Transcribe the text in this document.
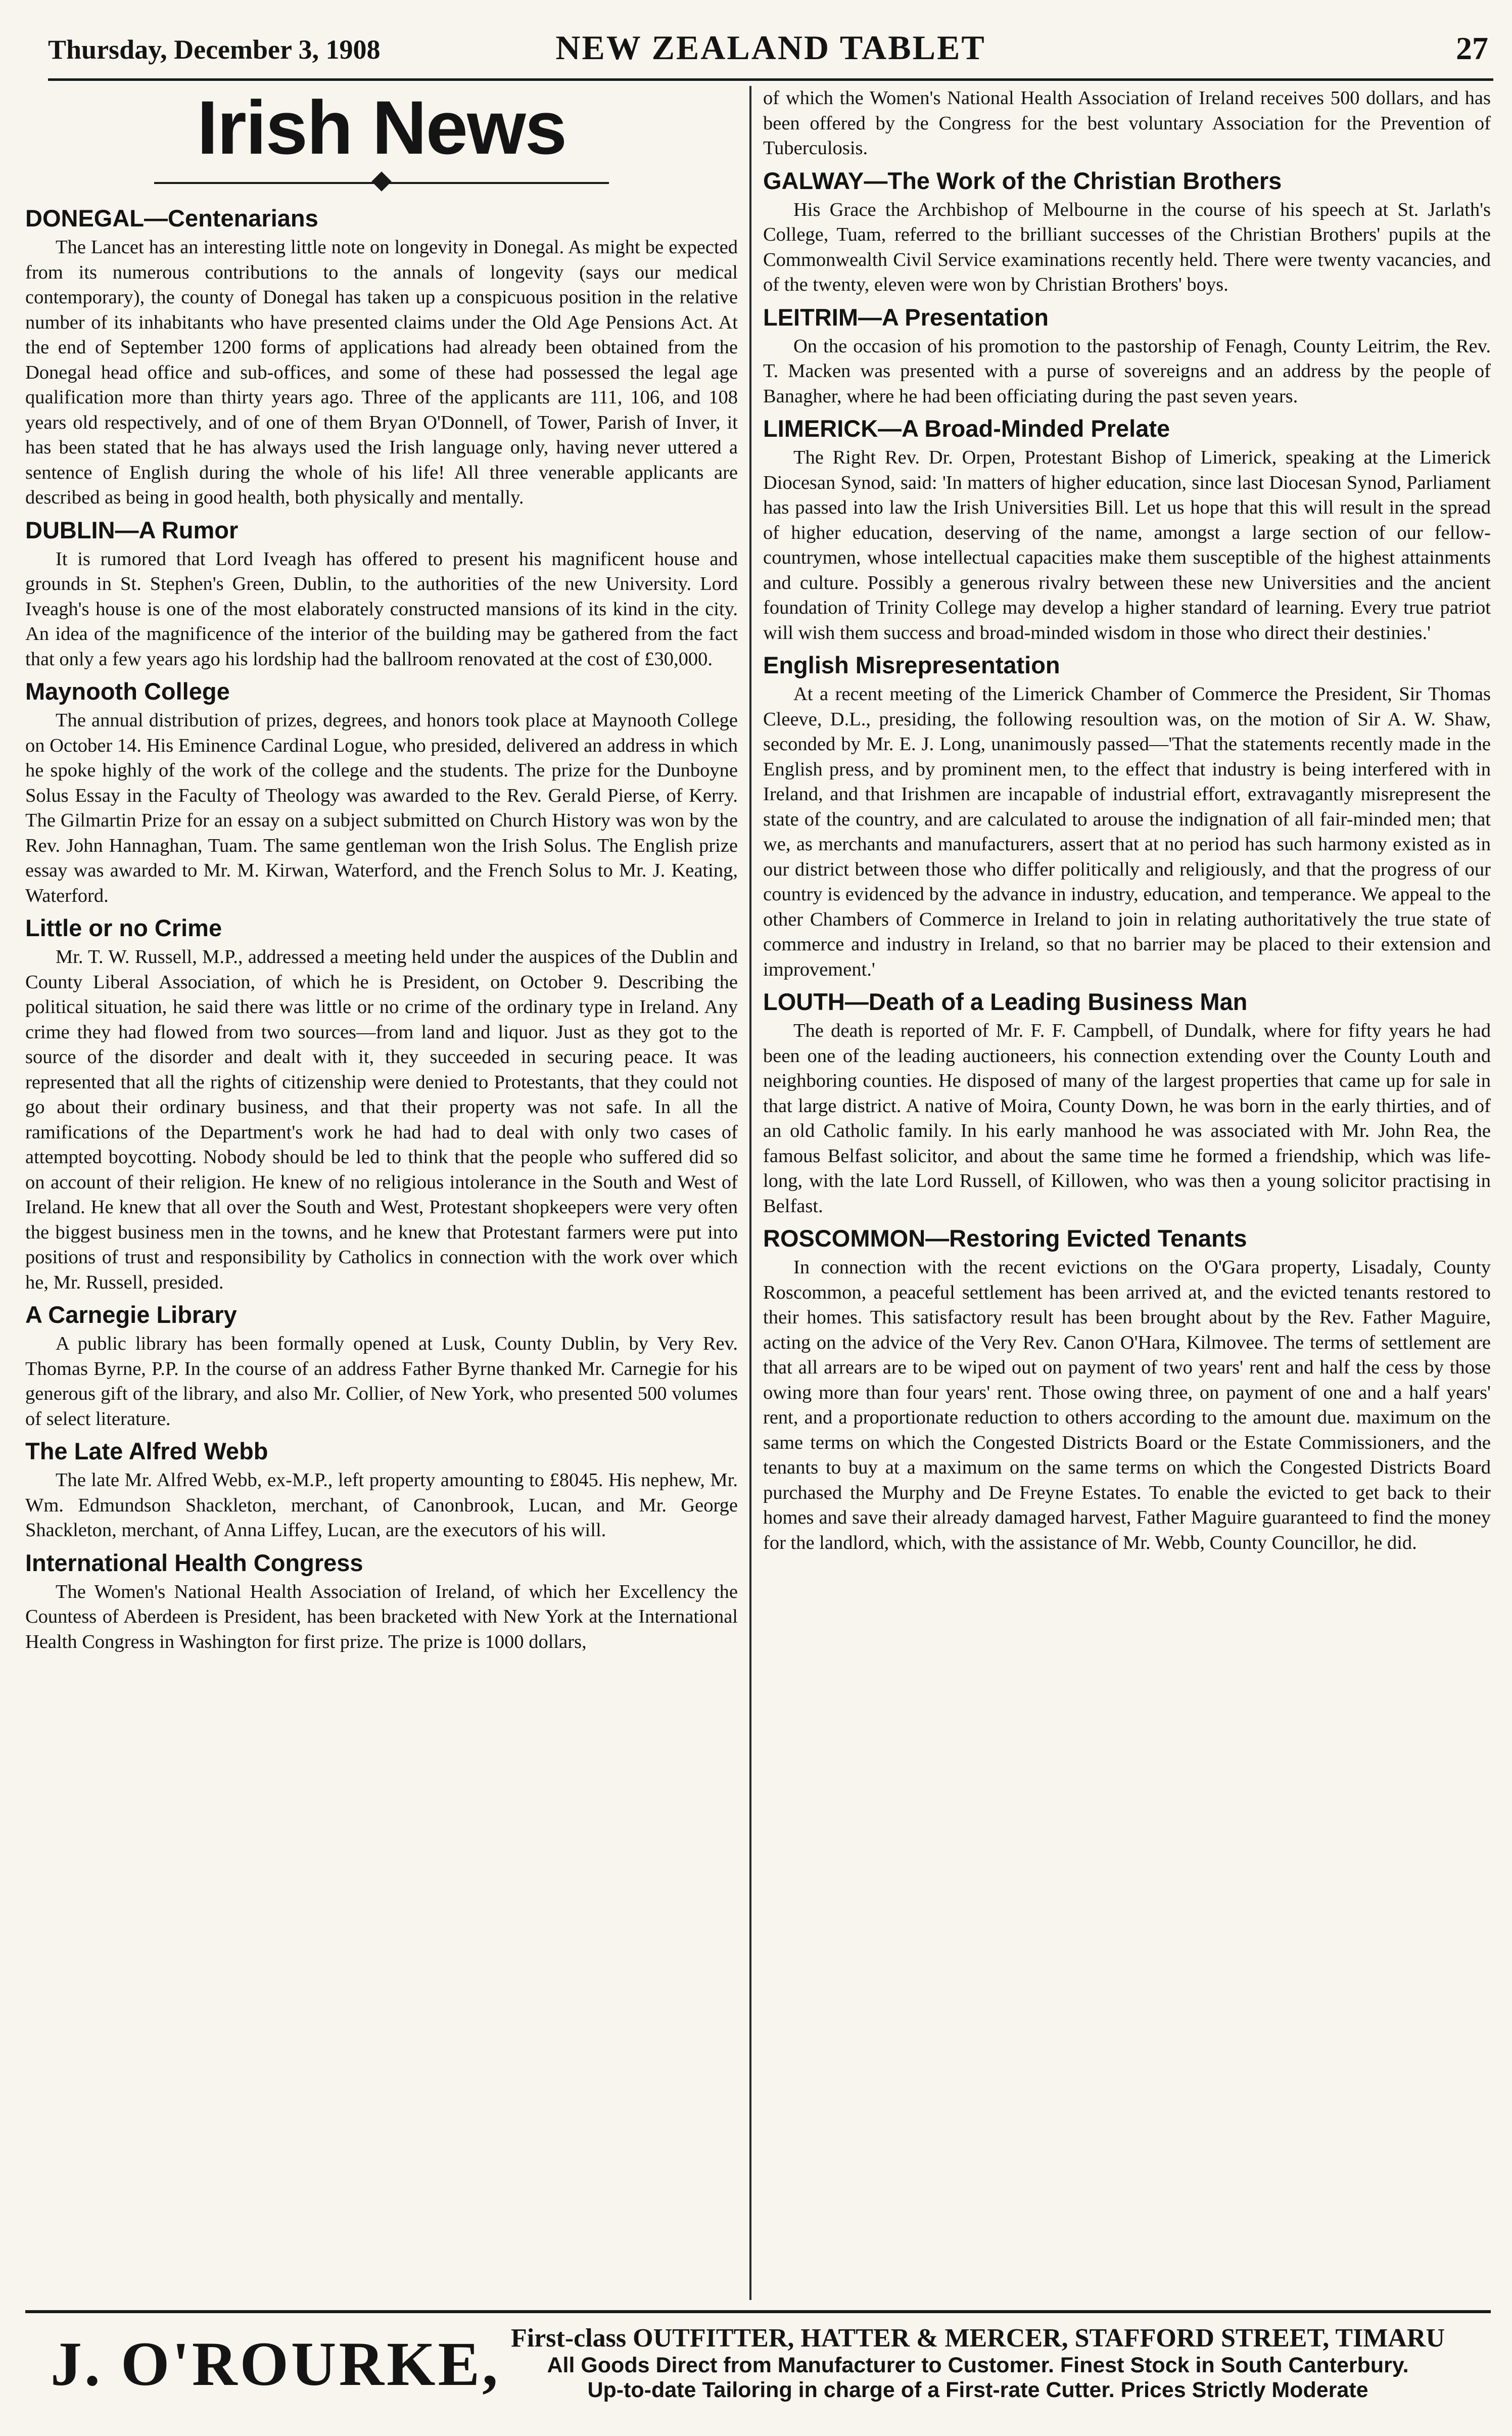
Thursday, December 3, 1908	NEW ZEALAND TABLET	27
Irish News
DONEGAL—Centenarians

The Lancet has an interesting little note on longevity in Donegal. As might be expected from its numerous contributions to the annals of longevity (says our medical contemporary), the county of Donegal has taken up a conspicuous position in the relative number of its inhabitants who have presented claims under the Old Age Pensions Act. At the end of September 1200 forms of applications had already been obtained from the Donegal head office and sub-offices, and some of these had possessed the legal age qualification more than thirty years ago. Three of the applicants are 111, 106, and 108 years old respectively, and of one of them Bryan O'Donnell, of Tower, Parish of Inver, it has been stated that he has always used the Irish language only, having never uttered a sentence of English during the whole of his life! All three venerable applicants are described as being in good health, both physically and mentally.

DUBLIN—A Rumor

It is rumored that Lord Iveagh has offered to present his magnificent house and grounds in St. Stephen's Green, Dublin, to the authorities of the new University. Lord Iveagh's house is one of the most elaborately constructed mansions of its kind in the city. An idea of the magnificence of the interior of the building may be gathered from the fact that only a few years ago his lordship had the ballroom renovated at the cost of £30,000.

Maynooth College

The annual distribution of prizes, degrees, and honors took place at Maynooth College on October 14. His Eminence Cardinal Logue, who presided, delivered an address in which he spoke highly of the work of the college and the students. The prize for the Dunboyne Solus Essay in the Faculty of Theology was awarded to the Rev. Gerald Pierse, of Kerry. The Gilmartin Prize for an essay on a subject submitted on Church History was won by the Rev. John Hannaghan, Tuam. The same gentleman won the Irish Solus. The English prize essay was awarded to Mr. M. Kirwan, Waterford, and the French Solus to Mr. J. Keating, Waterford.

Little or no Crime

Mr. T. W. Russell, M.P., addressed a meeting held under the auspices of the Dublin and County Liberal Association, of which he is President, on October 9. Describing the political situation, he said there was little or no crime of the ordinary type in Ireland. Any crime they had flowed from two sources—from land and liquor. Just as they got to the source of the disorder and dealt with it, they succeeded in securing peace. It was represented that all the rights of citizenship were denied to Protestants, that they could not go about their ordinary business, and that their property was not safe. In all the ramifications of the Department's work he had had to deal with only two cases of attempted boycotting. Nobody should be led to think that the people who suffered did so on account of their religion. He knew of no religious intolerance in the South and West of Ireland. He knew that all over the South and West, Protestant shopkeepers were very often the biggest business men in the towns, and he knew that Protestant farmers were put into positions of trust and responsibility by Catholics in connection with the work over which he, Mr. Russell, presided.

A Carnegie Library

A public library has been formally opened at Lusk, County Dublin, by Very Rev. Thomas Byrne, P.P. In the course of an address Father Byrne thanked Mr. Carnegie for his generous gift of the library, and also Mr. Collier, of New York, who presented 500 volumes of select literature.

The Late Alfred Webb

The late Mr. Alfred Webb, ex-M.P., left property amounting to £8045. His nephew, Mr. Wm. Edmundson Shackleton, merchant, of Canonbrook, Lucan, and Mr. George Shackleton, merchant, of Anna Liffey, Lucan, are the executors of his will.

International Health Congress

The Women's National Health Association of Ireland, of which her Excellency the Countess of Aberdeen is President, has been bracketed with New York at the International Health Congress in Washington for first prize. The prize is 1000 dollars,

of which the Women's National Health Association of Ireland receives 500 dollars, and has been offered by the Congress for the best voluntary Association for the Prevention of Tuberculosis.

GALWAY—The Work of the Christian Brothers

His Grace the Archbishop of Melbourne in the course of his speech at St. Jarlath's College, Tuam, referred to the brilliant successes of the Christian Brothers' pupils at the Commonwealth Civil Service examinations recently held. There were twenty vacancies, and of the twenty, eleven were won by Christian Brothers' boys.

LEITRIM—A Presentation

On the occasion of his promotion to the pastorship of Fenagh, County Leitrim, the Rev. T. Macken was presented with a purse of sovereigns and an address by the people of Banagher, where he had been officiating during the past seven years.

LIMERICK—A Broad-Minded Prelate

The Right Rev. Dr. Orpen, Protestant Bishop of Limerick, speaking at the Limerick Diocesan Synod, said: 'In matters of higher education, since last Diocesan Synod, Parliament has passed into law the Irish Universities Bill. Let us hope that this will result in the spread of higher education, deserving of the name, amongst a large section of our fellow-countrymen, whose intellectual capacities make them susceptible of the highest attainments and culture. Possibly a generous rivalry between these new Universities and the ancient foundation of Trinity College may develop a higher standard of learning. Every true patriot will wish them success and broad-minded wisdom in those who direct their destinies.'

English Misrepresentation

At a recent meeting of the Limerick Chamber of Commerce the President, Sir Thomas Cleeve, D.L., presiding, the following resoultion was, on the motion of Sir A. W. Shaw, seconded by Mr. E. J. Long, unanimously passed—'That the statements recently made in the English press, and by prominent men, to the effect that industry is being interfered with in Ireland, and that Irishmen are incapable of industrial effort, extravagantly misrepresent the state of the country, and are calculated to arouse the indignation of all fair-minded men; that we, as merchants and manufacturers, assert that at no period has such harmony existed as in our district between those who differ politically and religiously, and that the progress of our country is evidenced by the advance in industry, education, and temperance. We appeal to the other Chambers of Commerce in Ireland to join in relating authoritatively the true state of commerce and industry in Ireland, so that no barrier may be placed to their extension and improvement.'

LOUTH—Death of a Leading Business Man

The death is reported of Mr. F. F. Campbell, of Dundalk, where for fifty years he had been one of the leading auctioneers, his connection extending over the County Louth and neighboring counties. He disposed of many of the largest properties that came up for sale in that large district. A native of Moira, County Down, he was born in the early thirties, and of an old Catholic family. In his early manhood he was associated with Mr. John Rea, the famous Belfast solicitor, and about the same time he formed a friendship, which was life-long, with the late Lord Russell, of Killowen, who was then a young solicitor practising in Belfast.

ROSCOMMON—Restoring Evicted Tenants

In connection with the recent evictions on the O'Gara property, Lisadaly, County Roscommon, a peaceful settlement has been arrived at, and the evicted tenants restored to their homes. This satisfactory result has been brought about by the Rev. Father Maguire, acting on the advice of the Very Rev. Canon O'Hara, Kilmovee. The terms of settlement are that all arrears are to be wiped out on payment of two years' rent and half the cess by those owing more than four years' rent. Those owing three, on payment of one and a half years' rent, and a proportionate reduction to others according to the amount due. maximum on the same terms on which the Congested Districts Board or the Estate Commissioners, and the tenants to buy at a maximum on the same terms on which the Congested Districts Board purchased the Murphy and De Freyne Estates. To enable the evicted to get back to their homes and save their already damaged harvest, Father Maguire guaranteed to find the money for the landlord, which, with the assistance of Mr. Webb, County Councillor, he did.

J. O'ROURKE, First-class OUTFITTER, HATTER & MERCER, STAFFORD STREET, TIMARU
All Goods Direct from Manufacturer to Customer. Finest Stock in South Canterbury.
Up-to-date Tailoring in charge of a First-rate Cutter. Prices Strictly Moderate
